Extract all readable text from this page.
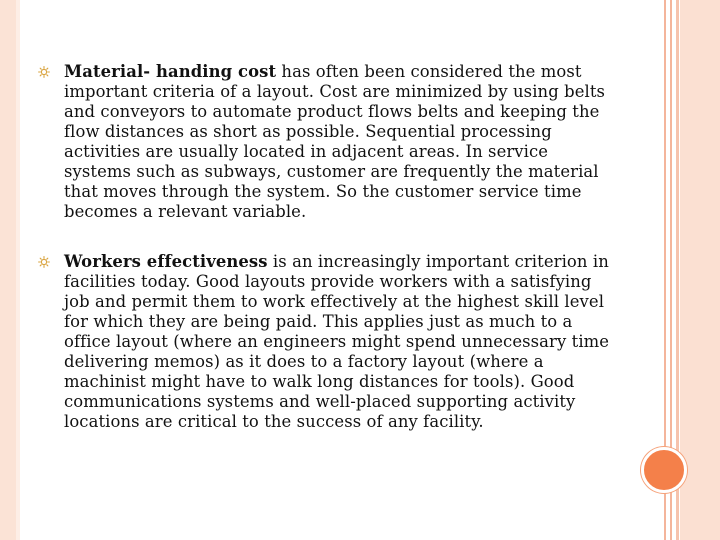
Material- handing cost has often been considered the most important criteria of a layout. Cost are minimized by using belts and conveyors to automate product flows belts and keeping the flow distances as short as possible. Sequential processing activities are usually located in adjacent areas. In service systems such as subways, customer are frequently the material that moves through the system. So the customer service time becomes a relevant variable.
Workers effectiveness is an increasingly important criterion in facilities today. Good layouts provide workers with a satisfying job and permit them to work effectively at the highest skill level for which they are being paid. This applies just as much to a office layout (where an engineers might spend unnecessary time delivering memos) as it does to a factory layout (where a machinist might have to walk long distances for tools). Good communications systems and well-placed supporting activity locations are critical to the success of any facility.
